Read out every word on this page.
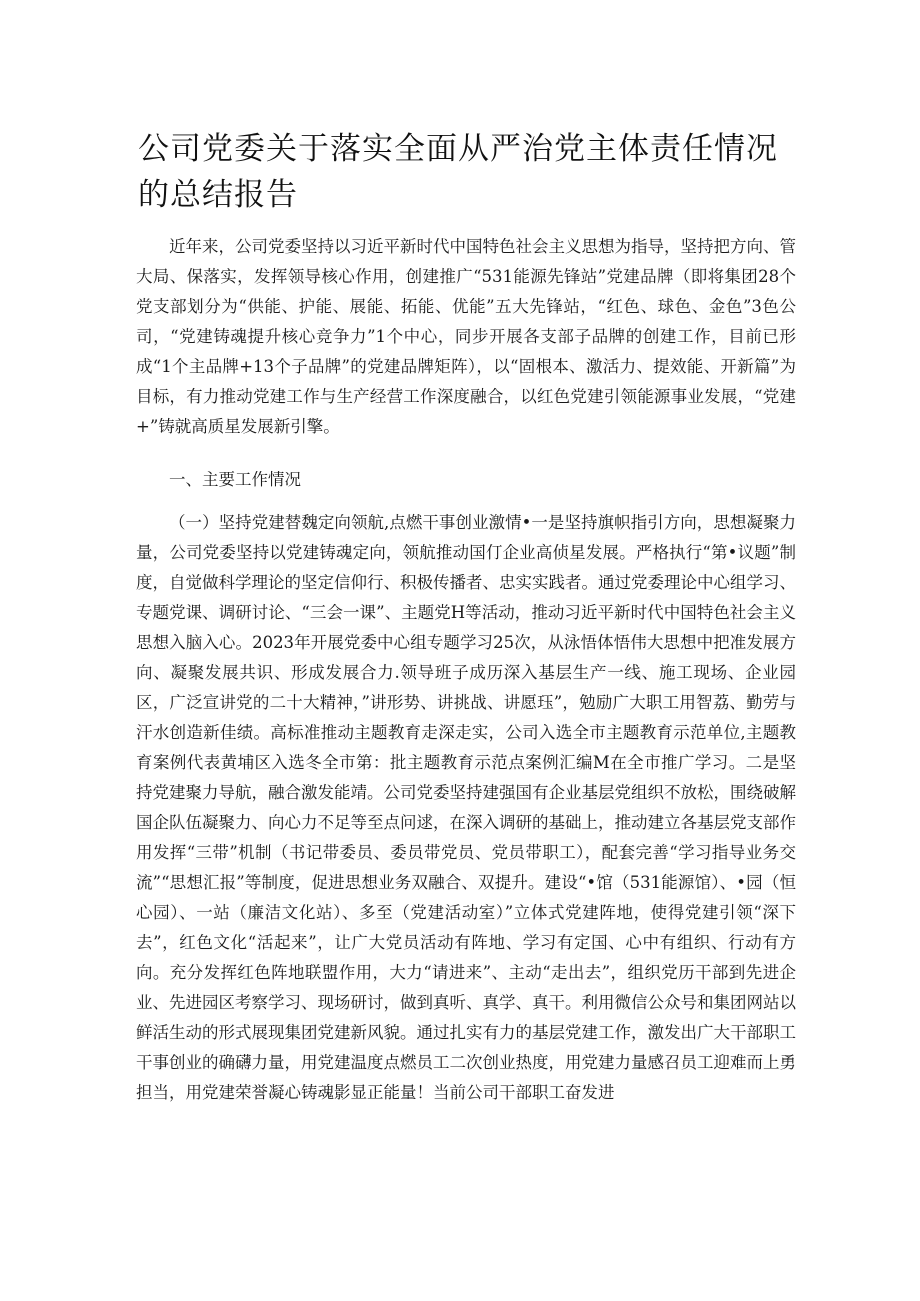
公司党委关于落实全面从严治党主体责任情况的总结报告

近年来，公司党委坚持以习近平新时代中国特色社会主义思想为指导，坚持把方向、管大局、保落实，发挥领导核心作用，创建推广“531能源先锋站”党建品牌（即将集团28个党支部划分为“供能、护能、展能、拓能、优能”五大先锋站，“红色、球色、金色”3色公司，“党建铸魂提升核心竞争力”1个中心，同步开展各支部子品牌的创建工作，目前已形成“1个主品牌+13个子品牌”的党建品牌矩阵），以“固根本、激活力、提效能、开新篇”为目标，有力推动党建工作与生产经营工作深度融合，以红色党建引领能源事业发展，“党建+”铸就高质星发展新引擎。

一、主要工作情况

（一）坚持党建替魏定向领航,点燃干事创业激情•一是坚持旗帜指引方向，思想凝聚力量，公司党委坚持以党建铸魂定向，领航推动国仃企业高侦星发展。严格执行“第•议题”制度，自觉做科学理论的坚定信仰行、积极传播者、忠实实践者。通过党委理论中心组学习、专题党课、调研讨论、“三会一课”、主题党H等活动，推动习近平新时代中国特色社会主义思想入脑入心。2023年开展党委中心组专题学习25次，从泳悟体悟伟大思想中把准发展方向、凝聚发展共识、形成发展合力.领导班子成历深入基层生产一线、施工现场、企业园区，广泛宣讲党的二十大精神，”讲形势、讲挑战、讲愿珏”，勉励广大职工用智荔、勤劳与汗水创造新佳绩。高标准推动主题教育走深走实，公司入选全市主题教育示范单位,主题教育案例代表黄埔区入选冬全市第：批主题教育示范点案例汇编M在全市推广学习。二是坚持党建聚力导航，融合激发能靖。公司党委坚持建强国有企业基层党组织不放松，围绕破解国企队伍凝聚力、向心力不足等至点问逑，在深入调研的基础上，推动建立各基层党支部作用发挥“三带”机制（书记带委员、委员带党员、党员带职工），配套完善“学习指导业务交流”“思想汇报”等制度，促进思想业务双融合、双提升。建设“•馆（531能源馆）、•园（恒心园）、一站（廉洁文化站）、多至（党建活动室）”立体式党建阵地，使得党建引领“深下去”，红色文化“活起来”，让广大党员活动有阵地、学习有定国、心中有组织、行动有方向。充分发挥红色阵地联盟作用，大力“请进来”、主动“走出去”，组织党历干部到先进企业、先进园区考察学习、现场研讨，做到真听、真学、真干。利用微信公众号和集团网站以鲜活生动的形式展现集团党建新风貌。通过扎实有力的基层党建工作，激发出广大干部职工干事创业的确礴力量，用党建温度点燃员工二次创业热度，用党建力量感召员工迎难而上勇担当，用党建荣誉凝心铸魂影显正能量！当前公司干部职工奋发进
